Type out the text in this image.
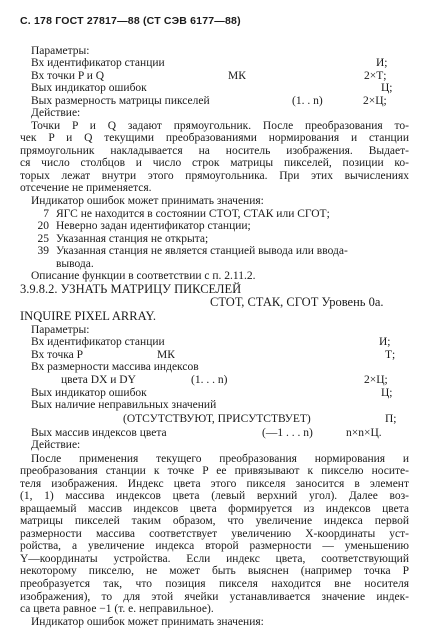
С. 178 ГОСТ 27817—88 (СТ СЭВ 6177—88)
Параметры:
Вх идентификатор станции	И;
Вх точки P и Q	МК	2×Т;
Вых индикатор ошибок	Ц;
Вых размерность матрицы пикселей	(1. . n)	2×Ц;
Действие:
Точки P и Q задают прямоугольник. После преобразования то-
чек P и Q текущими преобразованиями нормирования и станции
прямоугольник накладывается на носитель изображения. Выдает-
ся число столбцов и число строк матрицы пикселей, позиции ко-
торых лежат внутри этого прямоугольника. При этих вычислениях
отсечение не применяется.
Индикатор ошибок может принимать значения:
7 ЯГС не находится в состоянии СТОТ, СТАК или СГОТ;
20 Неверно задан идентификатор станции;
25 Указанная станция не открыта;
39 Указанная станция не является станцией вывода или вводa-
вывода.
Описание функции в соответствии с п. 2.11.2.
3.9.8.2. УЗНАТЬ МАТРИЦУ ПИКСЕЛЕЙ
СТОТ, СТАК, СГОТ Уровень 0а.
INQUIRE PIXEL ARRAY.
Параметры:
Вх идентификатор станции	И;
Вх точка P	МК	Т;
Вх размерности массива индексов
цвета DX и DY	(1. . . n)	2×Ц;
Вых индикатор ошибок	Ц;
Вых наличие неправильных значений
(ОТСУТСТВУЮТ, ПРИСУТСТВУЕТ)	П;
Вых массив индексов цвета	(—1 . . . n)	n×n×Ц.
Действие:
После применения текущего преобразования нормирования и
преобразования станции к точке P ее привязывают к пикселю носите-
теля изображения. Индекс цвета этого пикселя заносится в элемент
(1, 1) массива индексов цвета (левый верхний угол). Далее воз-
вращаемый массив индексов цвета формируется из индексов цвета
матрицы пикселей таким образом, что увеличение индекса первой
размерности массива соответствует увеличению X-координаты уст-
ройства, а увеличение индекса второй размерности — уменьшению
Y—координаты устройства. Если индекс цвета, соответствующий
некоторому пикселю, не может быть выяснен (например точка P
преобразуется так, что позиция пикселя находится вне носителя
изображения), то для этой ячейки устанавливается значение индек-
са цвета равное −1 (т. е. неправильное).
Индикатор ошибок может принимать значения:
